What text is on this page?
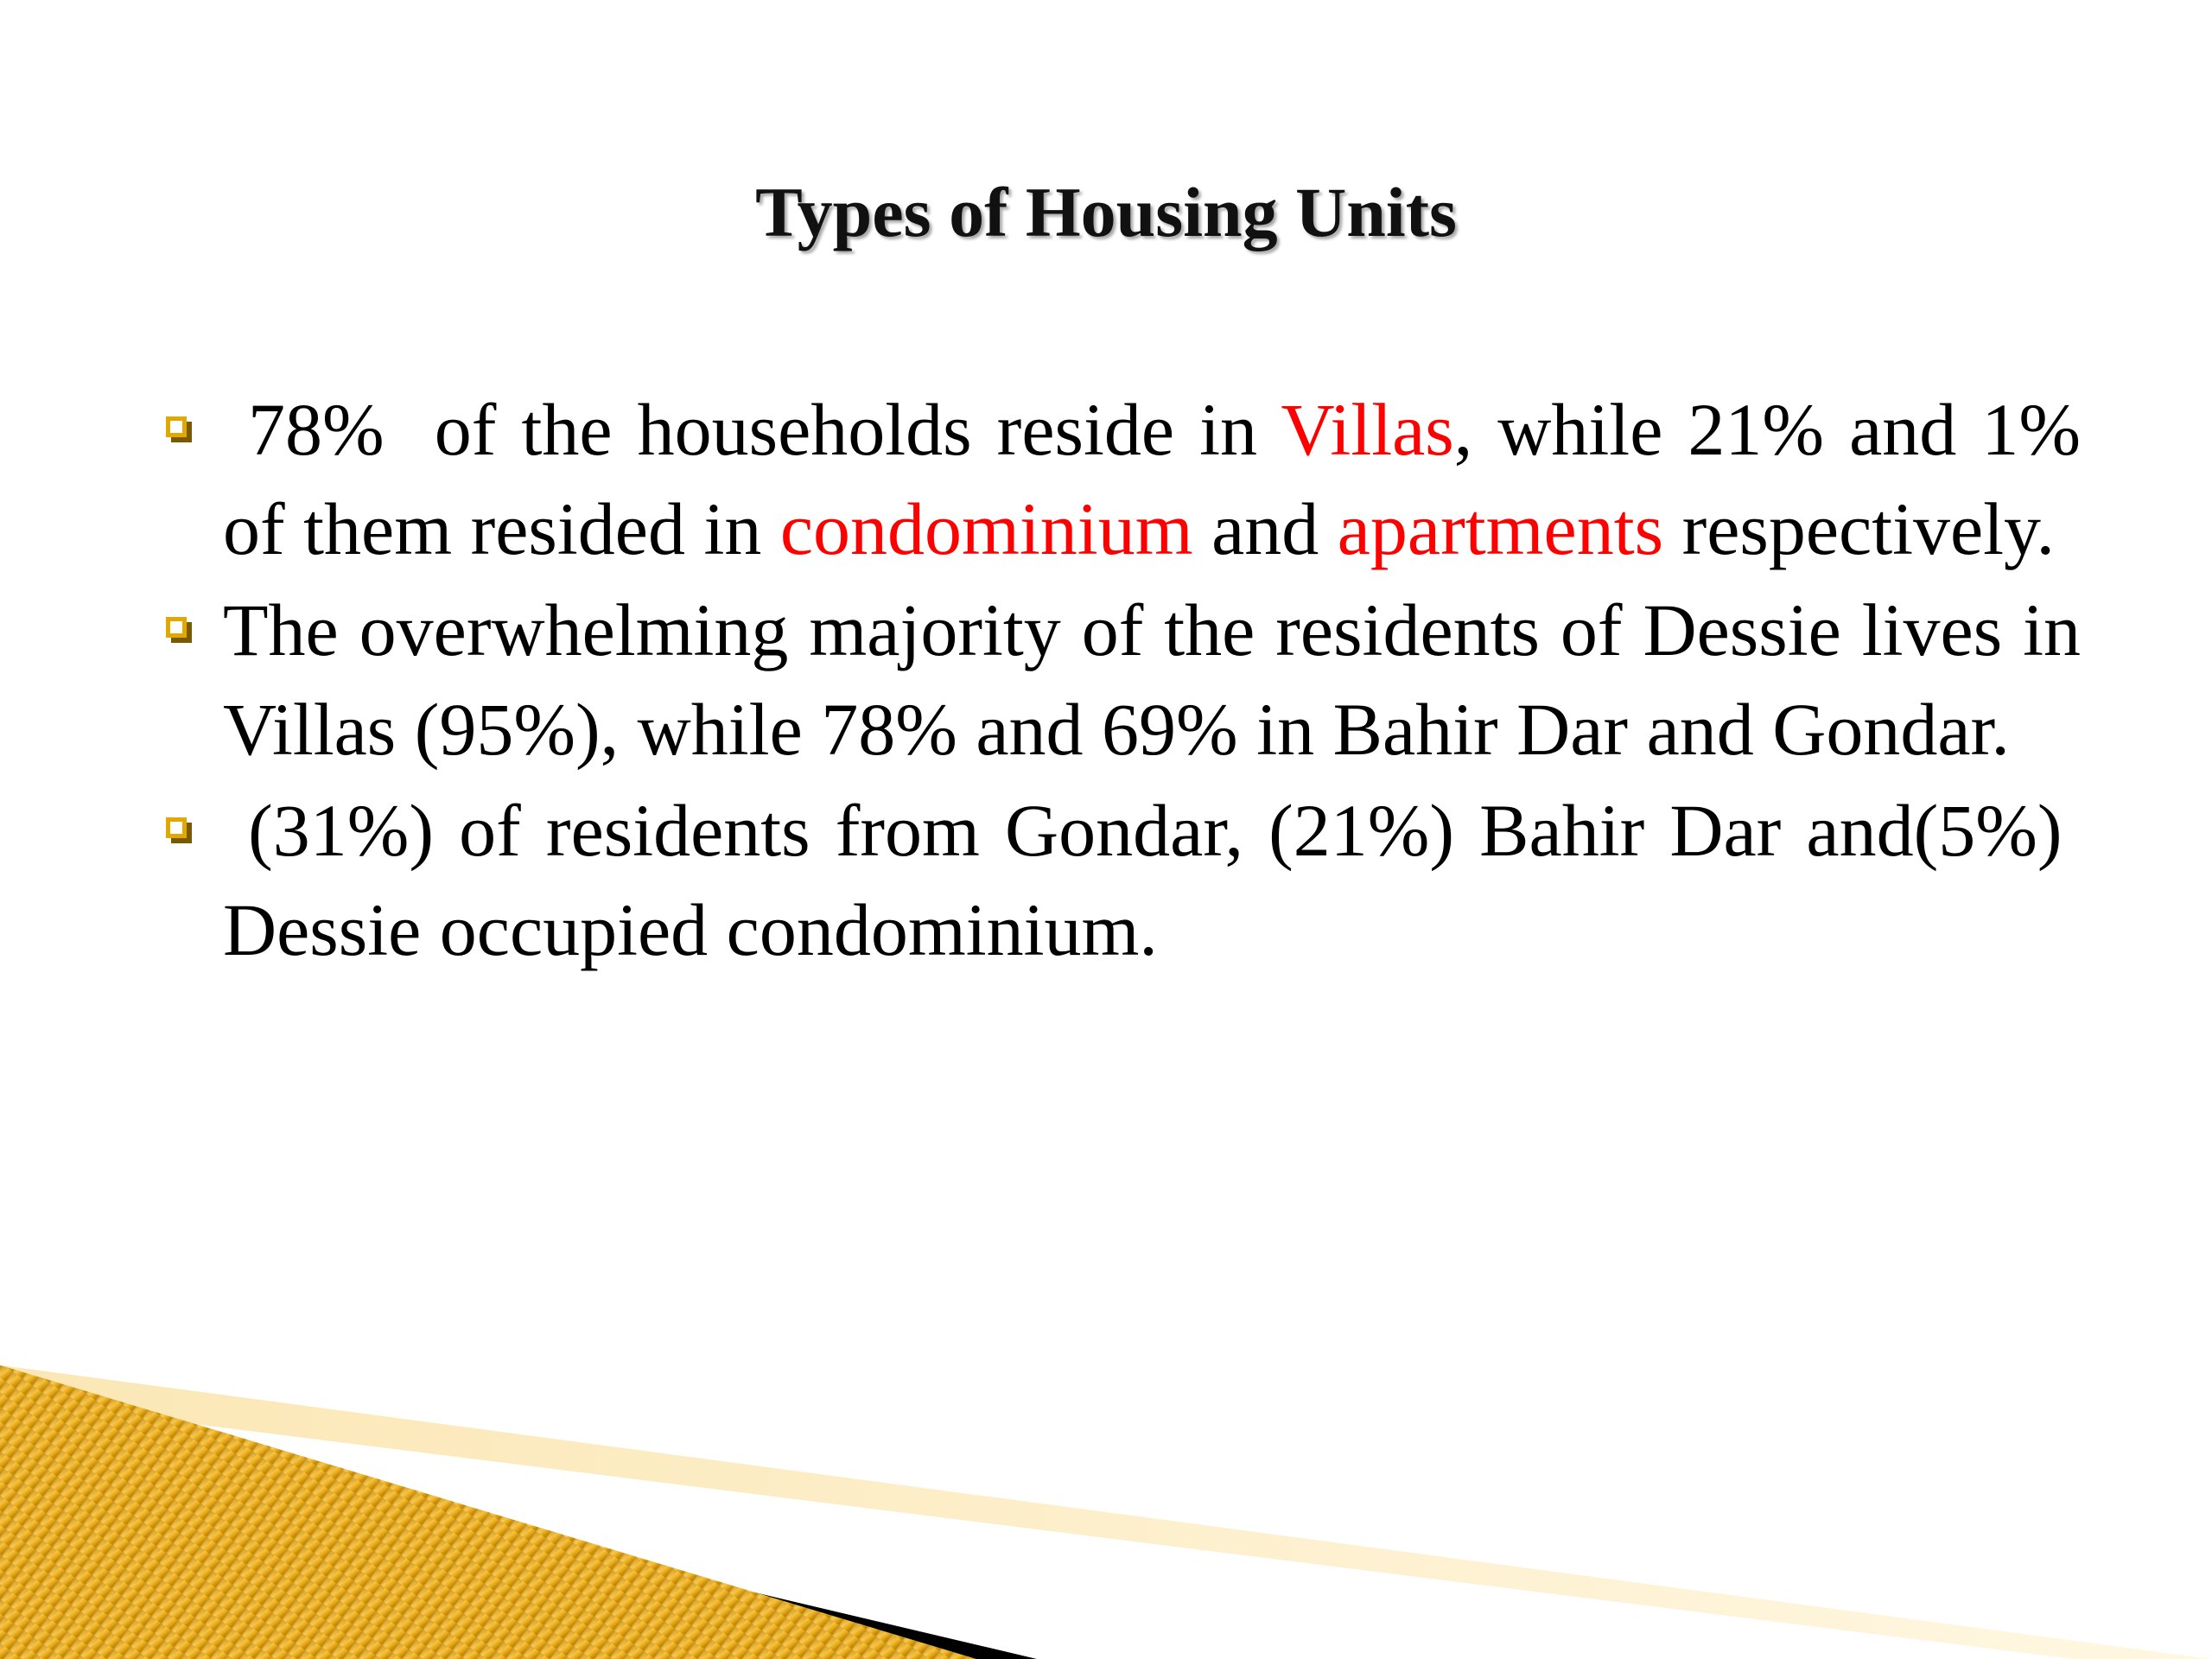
Types of Housing Units
78%  of the households reside in Villas, while 21% and 1% of them resided in condominium and apartments respectively.
The overwhelming majority of the residents of Dessie lives in Villas (95%), while 78% and 69% in Bahir Dar and Gondar.
(31%) of residents from Gondar, (21%) Bahir Dar and(5%)  Dessie occupied condominium.
